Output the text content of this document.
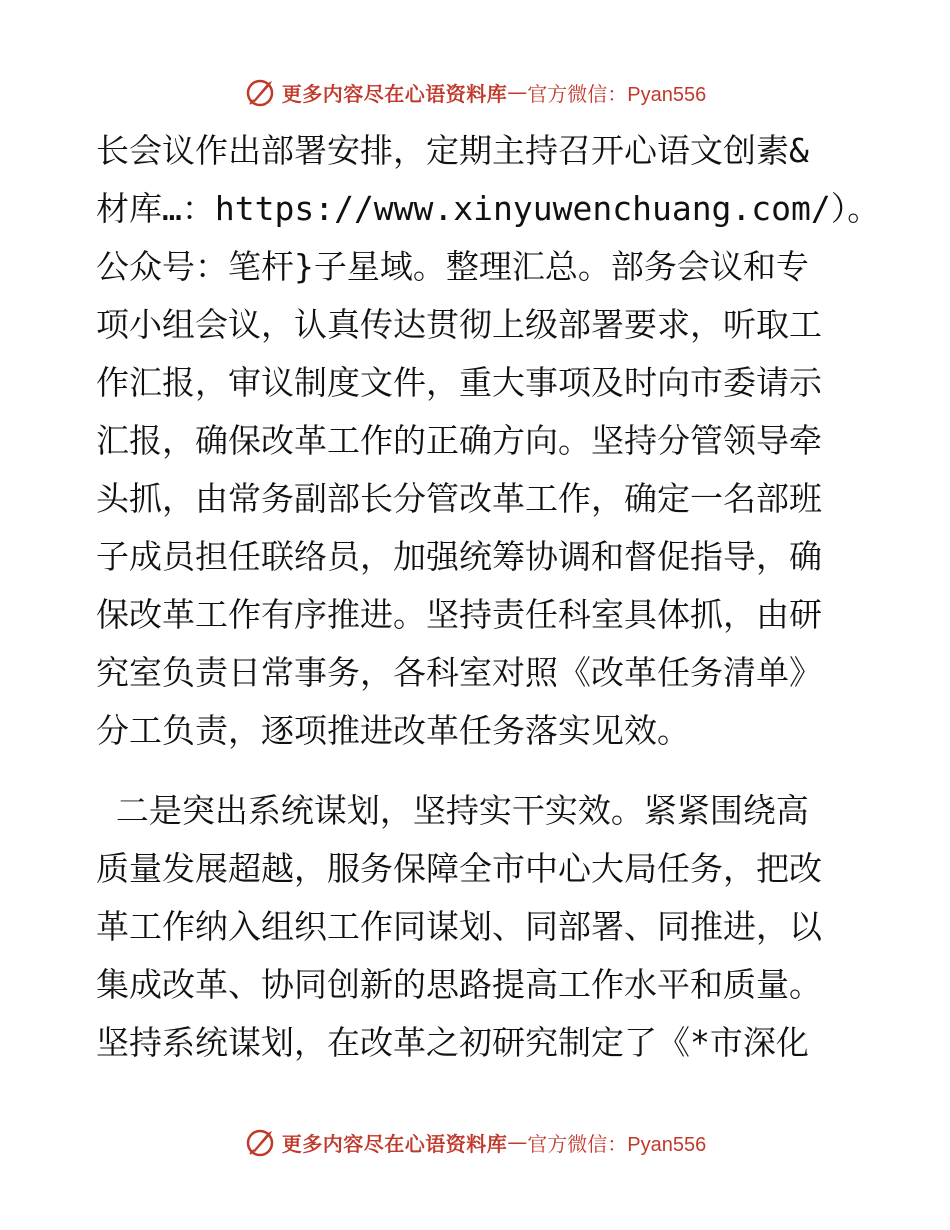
更多内容尽在心语资料库 — 官方微信：Pyan556
长会议作出部署安排，定期主持召开心语文创素&
材库…：https://www.xinyuwenchuang.com/）。
公众号：笔杆}子星域。整理汇总。部务会议和专
项小组会议，认真传达贯彻上级部署要求，听取工
作汇报，审议制度文件，重大事项及时向市委请示
汇报，确保改革工作的正确方向。坚持分管领导牵
头抓，由常务副部长分管改革工作，确定一名部班
子成员担任联络员，加强统筹协调和督促指导，确
保改革工作有序推进。坚持责任科室具体抓，由研
究室负责日常事务，各科室对照《改革任务清单》
分工负责，逐项推进改革任务落实见效。
二是突出系统谋划，坚持实干实效。紧紧围绕高
质量发展超越，服务保障全市中心大局任务，把改
革工作纳入组织工作同谋划、同部署、同推进，以
集成改革、协同创新的思路提高工作水平和质量。
坚持系统谋划，在改革之初研究制定了《*市深化
更多内容尽在心语资料库 — 官方微信：Pyan556
